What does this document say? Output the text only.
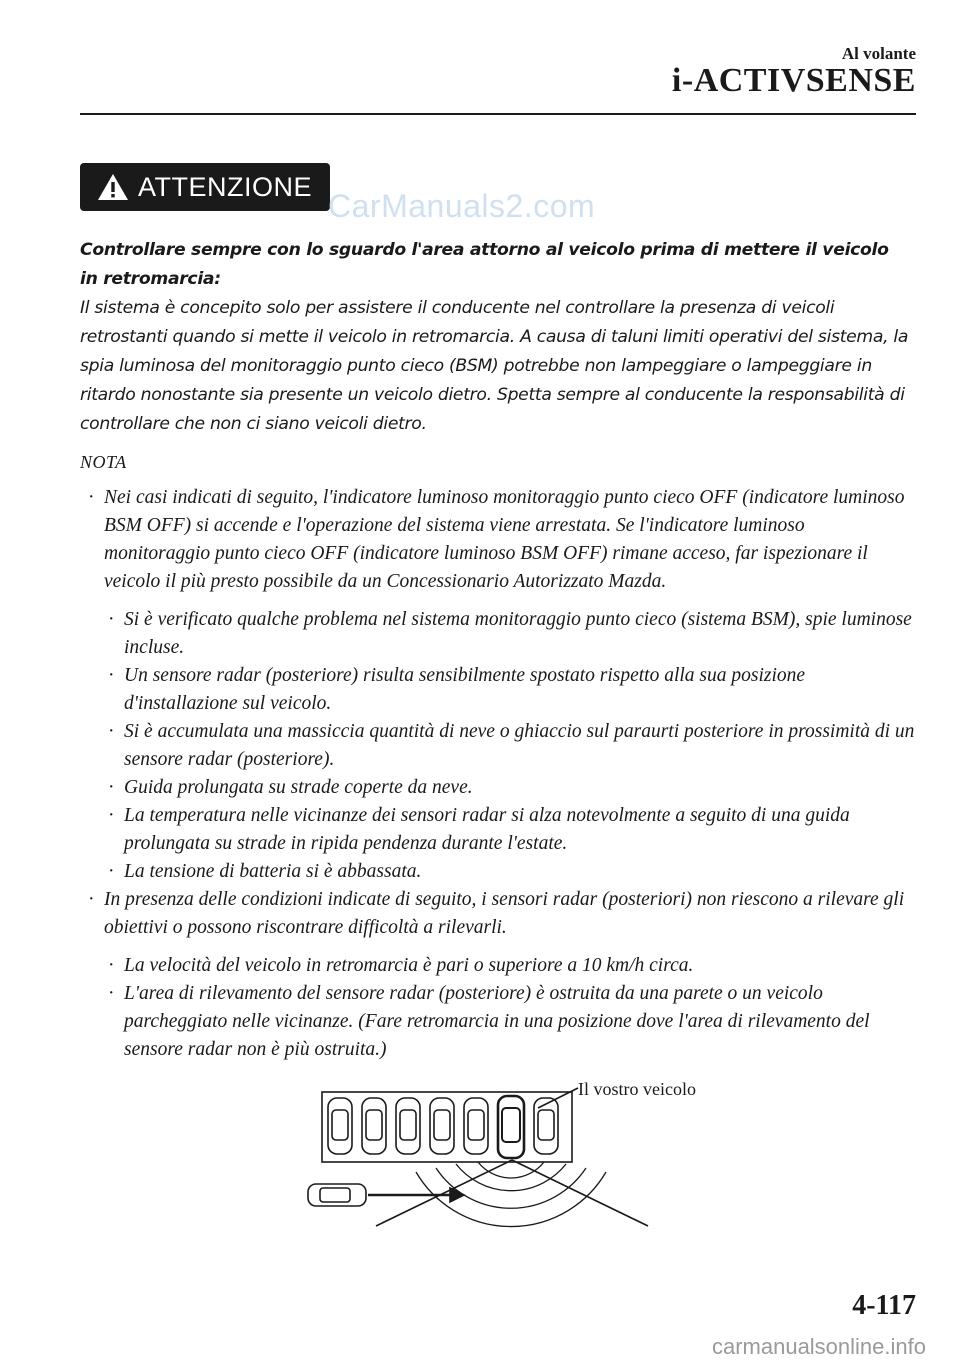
Al volante
i-ACTIVSENSE
ATTENZIONE
CarManuals2.com

Controllare sempre con lo sguardo l'area attorno al veicolo prima di mettere il veicolo in retromarcia:

Il sistema è concepito solo per assistere il conducente nel controllare la presenza di veicoli retrostanti quando si mette il veicolo in retromarcia. A causa di taluni limiti operativi del sistema, la spia luminosa del monitoraggio punto cieco (BSM) potrebbe non lampeggiare o lampeggiare in ritardo nonostante sia presente un veicolo dietro. Spetta sempre al conducente la responsabilità di controllare che non ci siano veicoli dietro.

NOTA
· Nei casi indicati di seguito, l'indicatore luminoso monitoraggio punto cieco OFF (indicatore luminoso BSM OFF) si accende e l'operazione del sistema viene arrestata. Se l'indicatore luminoso monitoraggio punto cieco OFF (indicatore luminoso BSM OFF) rimane acceso, far ispezionare il veicolo il più presto possibile da un Concessionario Autorizzato Mazda.
· Si è verificato qualche problema nel sistema monitoraggio punto cieco (sistema BSM), spie luminose incluse.
· Un sensore radar (posteriore) risulta sensibilmente spostato rispetto alla sua posizione d'installazione sul veicolo.
· Si è accumulata una massiccia quantità di neve o ghiaccio sul paraurti posteriore in prossimità di un sensore radar (posteriore).
· Guida prolungata su strade coperte da neve.
· La temperatura nelle vicinanze dei sensori radar si alza notevolmente a seguito di una guida prolungata su strade in ripida pendenza durante l'estate.
· La tensione di batteria si è abbassata.
· In presenza delle condizioni indicate di seguito, i sensori radar (posteriori) non riescono a rilevare gli obiettivi o possono riscontrare difficoltà a rilevarli.
· La velocità del veicolo in retromarcia è pari o superiore a 10 km/h circa.
· L'area di rilevamento del sensore radar (posteriore) è ostruita da una parete o un veicolo parcheggiato nelle vicinanze. (Fare retromarcia in una posizione dove l'area di rilevamento del sensore radar non è più ostruita.)
Il vostro veicolo
4-117
carmanualsonline.info
